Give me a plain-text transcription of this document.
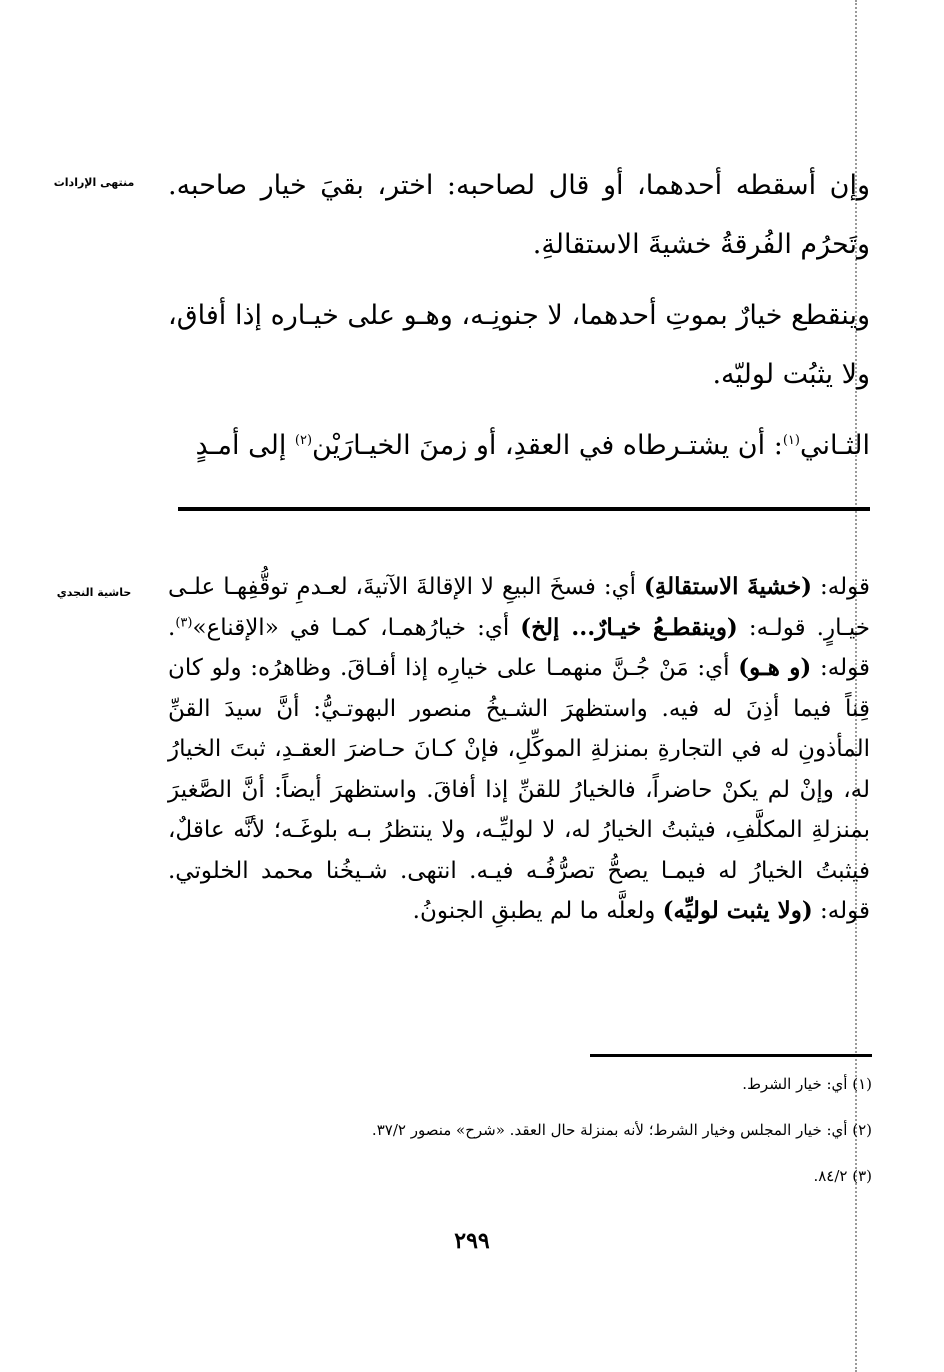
منتهى الإرادات	وإن أسقطه أحدهما، أو قال لصاحبه: اختر، بقيَ خيار صاحبه. وتَحرُم الفُرقةُ خشيةَ الاستقالةِ.

وينقطع خيارٌ بموتِ أحدهما، لا جنونِـه، وهـو على خيـاره إذا أفاق، ولا يثبُت لوليّه.

الثـاني$^{(١)}$: أن يشتـرطاه في العقدِ، أو زمنَ الخيـارَيْن$^{(٢)}$ إلى أمـدٍ

حاشية النجدي	قوله: (خشيةَ الاستقالةِ) أي: فسخَ البيعِ لا الإقالةَ الآتيةَ، لعـدمِ توقُّفِهـا علـى خيـارٍ. قولـه: (وينقطـعُ خيـارٌ... إلخ) أي: خيارُهمـا، كمـا في «الإقناع»$^{(٣)}$. قوله: (و هـو) أي: مَنْ جُـنَّ منهمـا على خيارِه إذا أفـاقَ. وظاهرُه: ولو كان قِناً فيما أذِنَ له فيه. واستظهرَ الشـيخُ منصور البهوتـيُّ: أنَّ سيدَ القنِّ المأذونِ له في التجارةِ بمنزلةِ الموكِّلِ، فإنْ كـانَ حـاضرَ العقـدِ، ثبتَ الخيارُ له، وإنْ لم يكنْ حاضراً، فالخيارُ للقنِّ إذا أفاقَ. واستظهرَ أيضاً: أنَّ الصَّغيرَ بمنزلةِ المكلَّفِ، فيثبتُ الخيارُ له، لا لوليِّـه، ولا ينتظرُ بـه بلوغَـه؛ لأنَّه عاقلٌ، فيثبتُ الخيارُ له فيمـا يصحُّ تصرُّفُـه فيـه. انتهى. شـيخُنا محمد الخلوتي. قوله: (ولا يثبت لوليِّه) ولعلَّه ما لم يطبقِ الجنونُ.

(١) أي: خيار الشرط.

(٢) أي: خيار المجلس وخيار الشرط؛ لأنه بمنزلة حال العقد. «شرح» منصور ٣٧/٢.

(٣) ٨٤/٢.

٢٩٩
